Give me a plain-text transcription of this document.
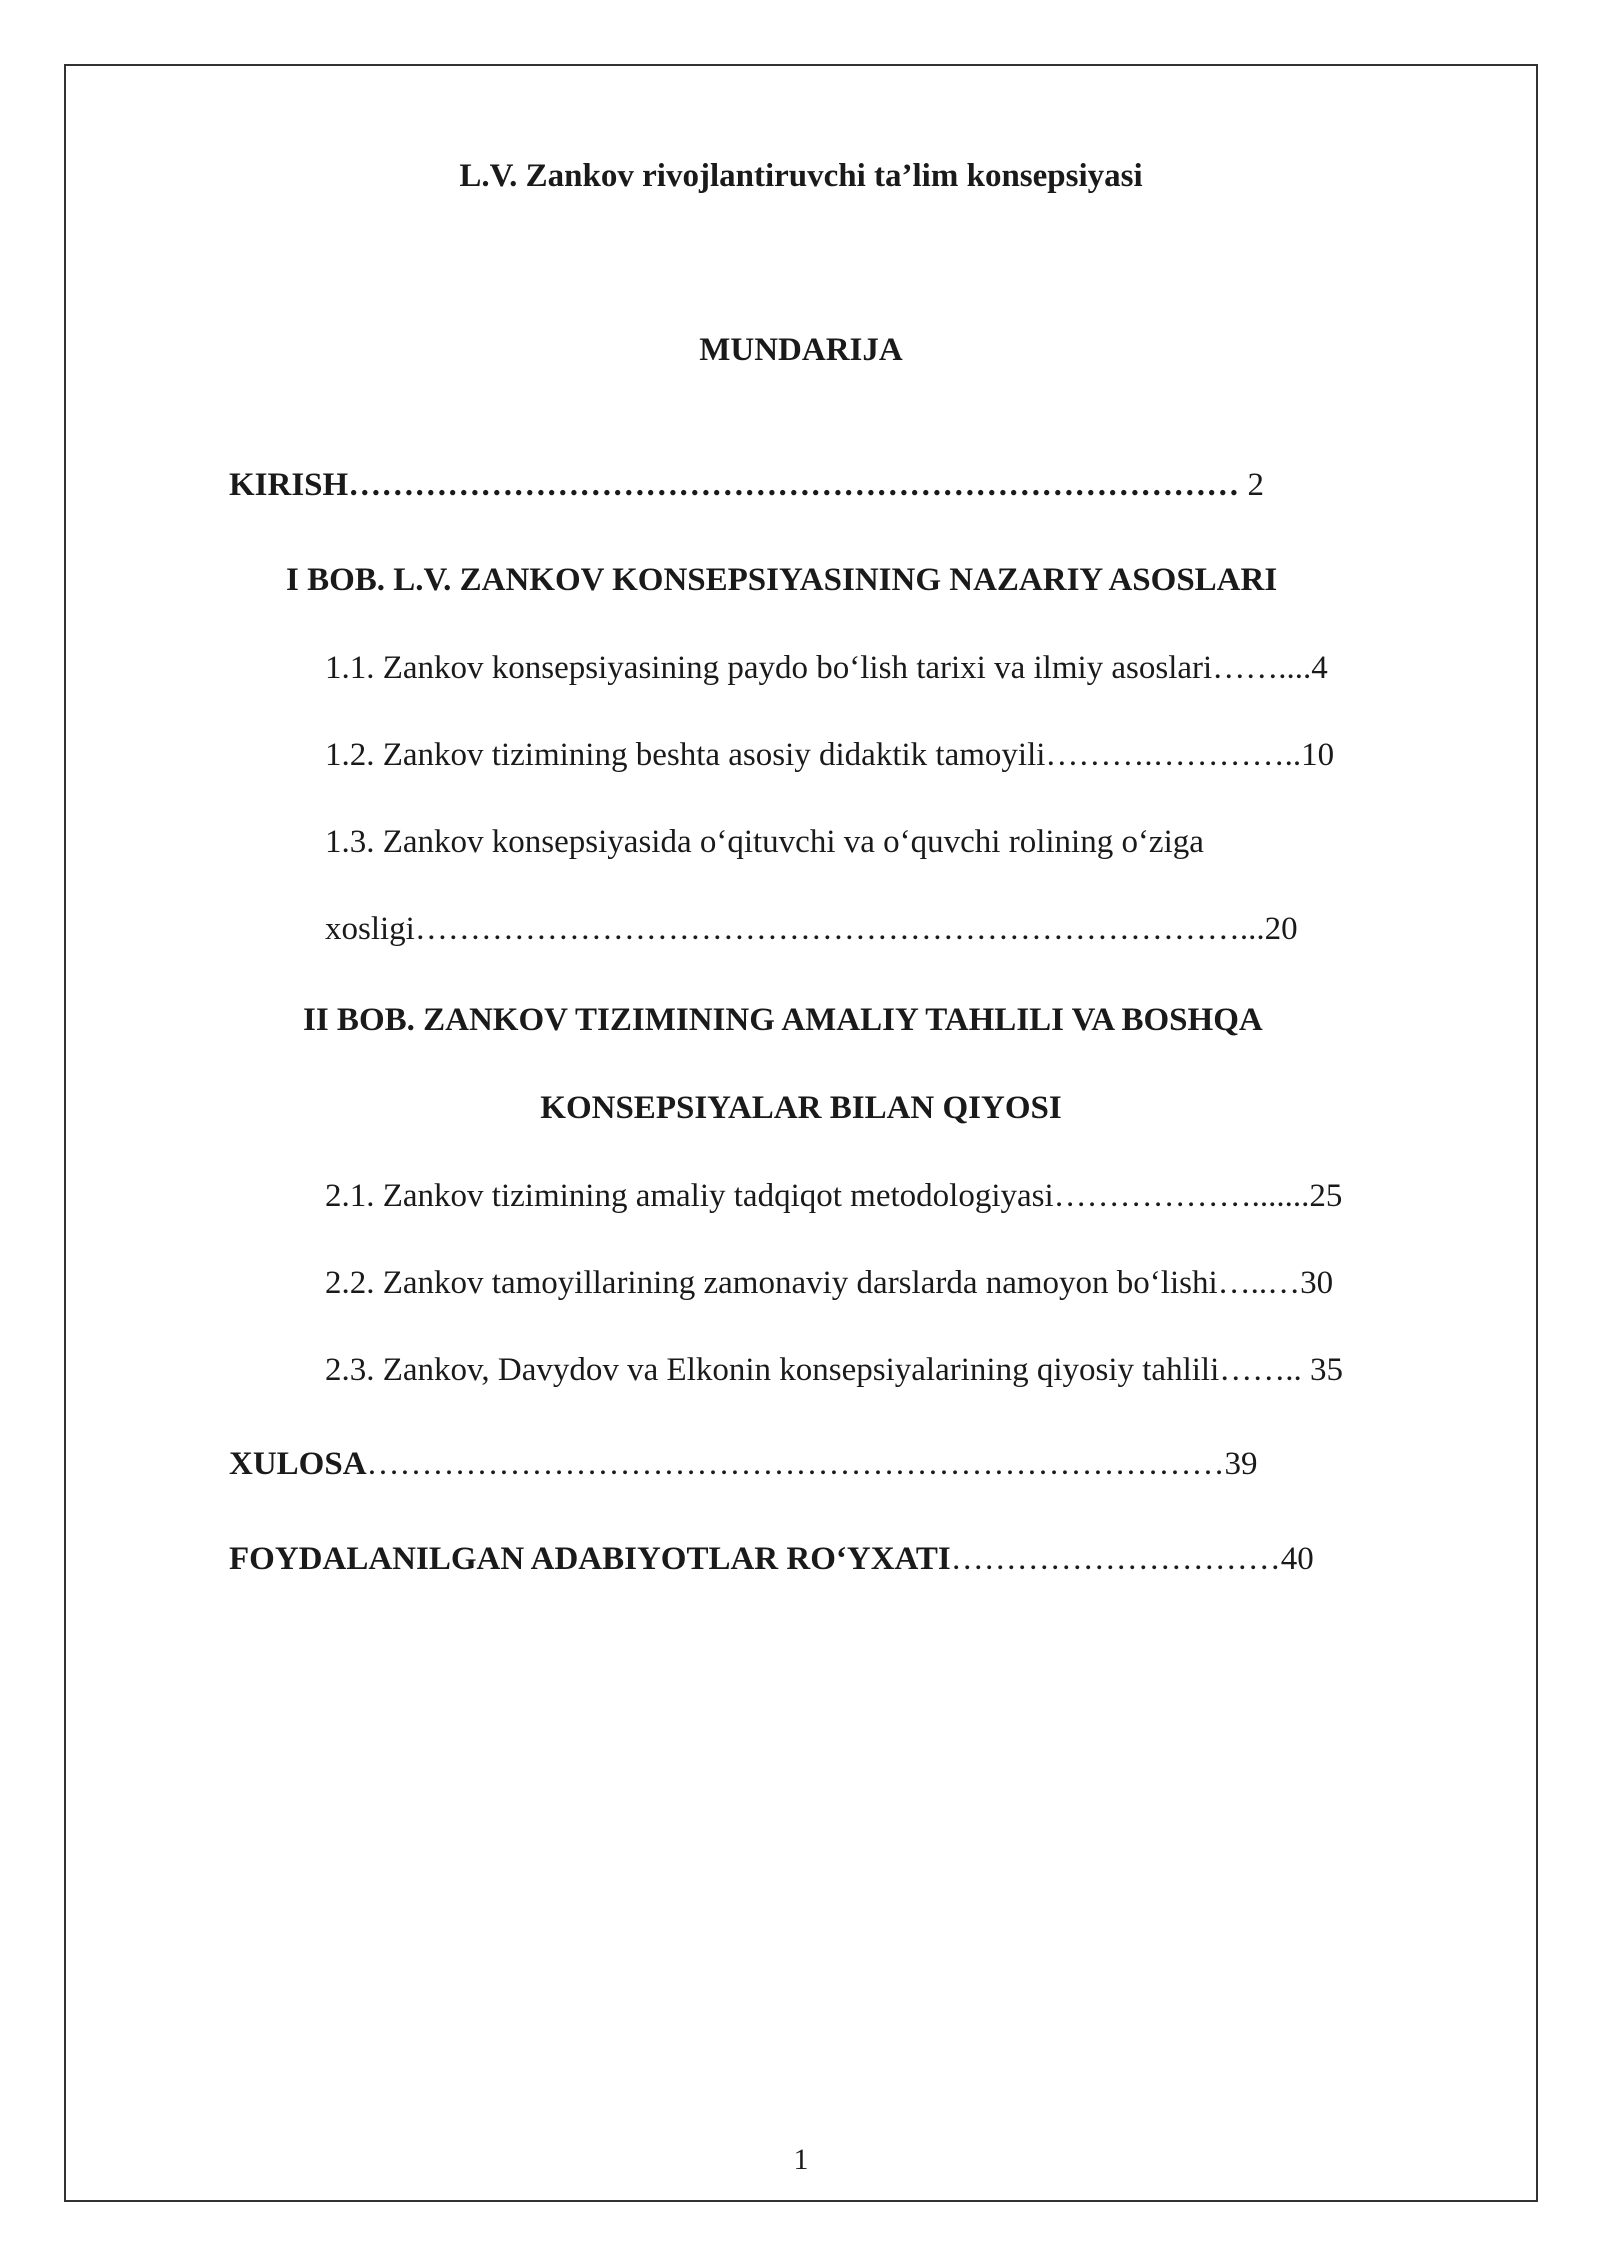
L.V. Zankov rivojlantiruvchi ta’lim konsepsiyasi
MUNDARIJA
KIRISH……………………………………………………………………… 2
I BOB. L.V. ZANKOV KONSEPSIYASINING NAZARIY ASOSLARI
1.1. Zankov konsepsiyasining paydo bo‘lish tarixi va ilmiy asoslari……....4
1.2. Zankov tizimining beshta asosiy didaktik tamoyili……….…………..10
1.3. Zankov konsepsiyasida o‘qituvchi va o‘quvchi rolining o‘ziga
xosligi…………………………………………………………………...20
II BOB. ZANKOV TIZIMINING AMALIY TAHLILI VA BOSHQA
KONSEPSIYALAR BILAN QIYOSI
2.1. Zankov tizimining amaliy tadqiqot metodologiyasi……………….......25
2.2. Zankov tamoyillarining zamonaviy darslarda namoyon bo‘lishi…..…30
2.3. Zankov, Davydov va Elkonin konsepsiyalarining qiyosiy tahlili…….. 35
XULOSA……………………………………………………………………39
FOYDALANILGAN ADABIYOTLAR RO‘YXATI…………………………40
1
